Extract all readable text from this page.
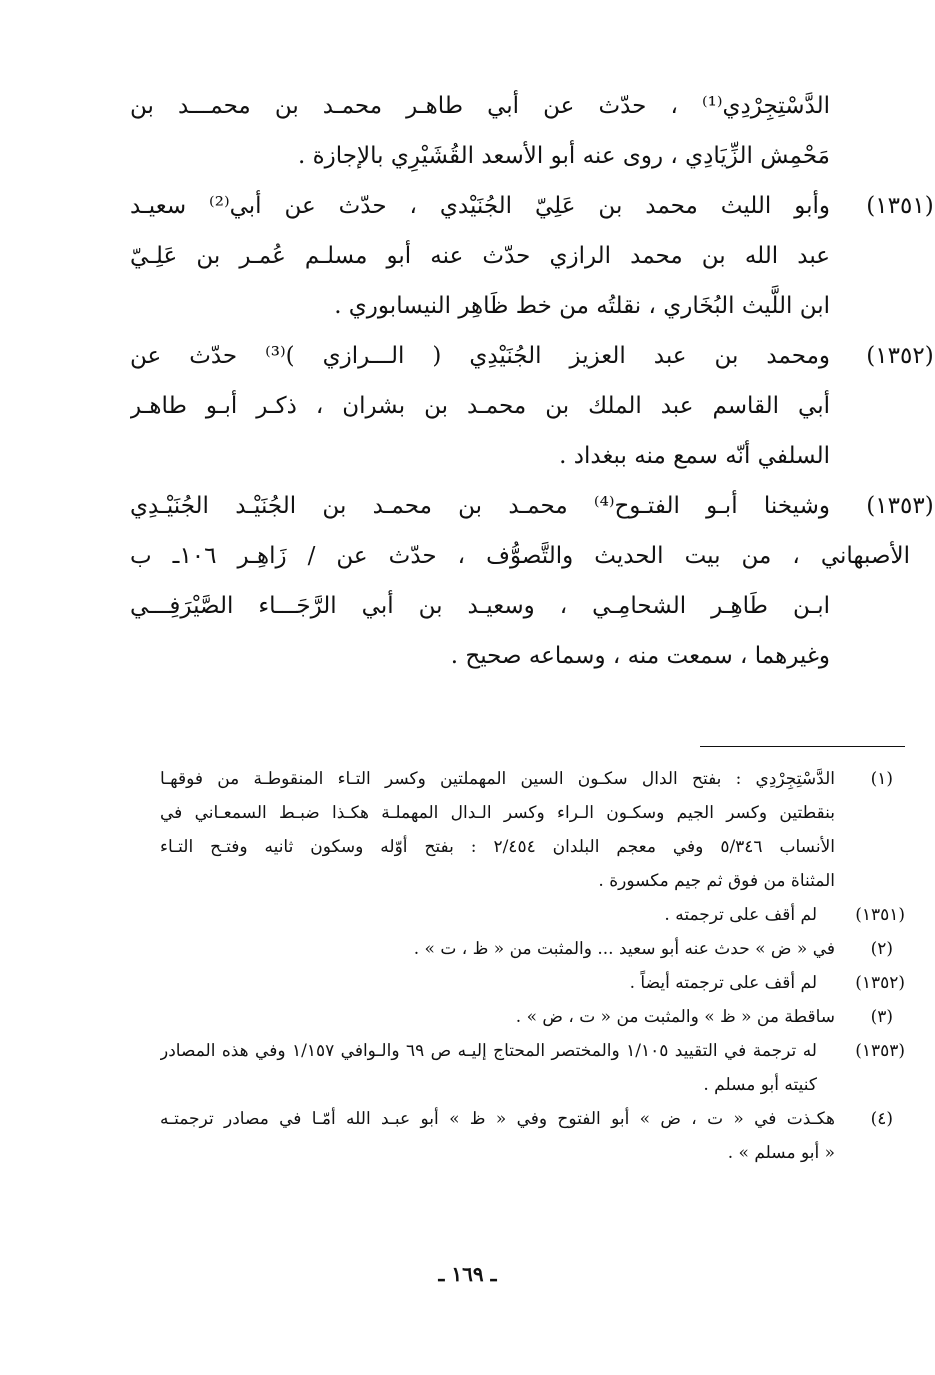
الدَّسْتِجِرْدِي⁽¹⁾ ، حدّث عن أبي طاهـر محمـد بن محمـــد بن
مَحْمِش الزِّيَادِي ، روى عنه أبو الأسعد القُشَيْرِي بالإجازة .
(١٣٥١)
وأبو الليث محمد بن عَلِيّ الجُنَيْدي ، حدّث عن أبي⁽²⁾ سعيـد
عبد الله بن محمد الرازي حدّث عنه أبو مسلـم عُمـر بن عَلِـيّ
ابن اللَّيث البُخَاري ، نقلتُه من خط ظَاهِر النيسابوري .
(١٣٥٢)
ومحمد بن عبد العزيز الجُنَيْدِي ( الـــرازي )⁽³⁾ حدّث عن
أبي القاسم عبد الملك بن محمـد بن بشران ، ذكـر أبـو طاهـر
السلفي أنّه سمع منه ببغداد .
(١٣٥٣)
وشيخنا أبـو الفتـوح⁽⁴⁾ محمـد بن محمـد بن الجُنَيْـد الجُنَيْـدِي
الأصبهاني ، من بيت الحديث والتَّصوُّف ، حدّث عن / زَاهِـر ١٠٦ـ ب
ابـن طَاهِـر الشحامِـي ، وسعيـد بن أبي الرَّجَـــاء الصَّيْرَفِـــي
وغيرهما ، سمعت منه ، وسماعه صحيح .
(١)
الدَّسْتِجِرْدِي : بفتح الدال سكـون السين المهملتين وكسر التـاء المنقوطـة من فوقهـا
بنقطتين وكسر الجيم وسكـون الـراء وكسر الـدال المهملـة هكـذا ضبـط السمعـاني في
الأنساب ٥/٣٤٦ وفي معجم البلدان ٢/٤٥٤ : بفتح أوّله وسكون ثانيه وفتـح التـاء
المثناة من فوق ثم جيم مكسورة .
(١٣٥١)
لم أقف على ترجمته .
(٢)
في « ض » حدث عنه أبو سعيد ... والمثبت من « ظ ، ت » .
(١٣٥٢)
لم أقف على ترجمته أيضاً .
(٣)
ساقطة من « ظ » والمثبت من « ت ، ض » .
(١٣٥٣)
له ترجمة في التقييد ١/١٠٥ والمختصر المحتاج إليـه ص ٦٩ والـوافي ١/١٥٧ وفي هذه المصادر
كنيته أبو مسلم .
(٤)
هكـذت في « ت ، ض » أبو الفتوح وفي « ظ » أبو عبـد الله أمّـا في مصادر ترجمتـه
« أبو مسلم » .
ـ ١٦٩ ـ
